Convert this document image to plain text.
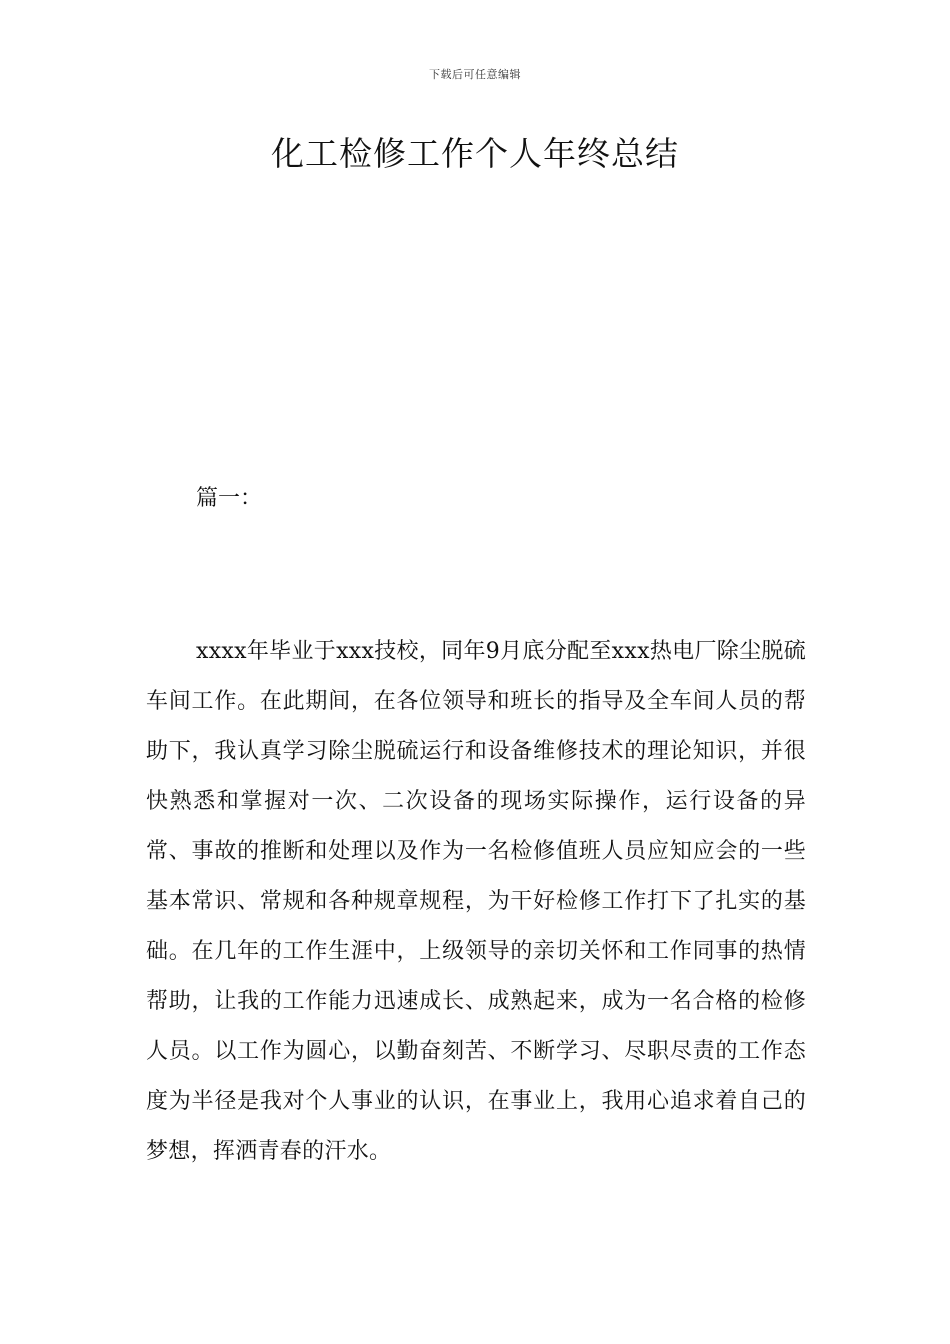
下载后可任意编辑
化工检修工作个人年终总结

篇一：

xxxx年毕业于xxx技校，同年9月底分配至xxx热电厂除尘脱硫车间工作。在此期间，在各位领导和班长的指导及全车间人员的帮助下，我认真学习除尘脱硫运行和设备维修技术的理论知识，并很快熟悉和掌握对一次、二次设备的现场实际操作，运行设备的异常、事故的推断和处理以及作为一名检修值班人员应知应会的一些基本常识、常规和各种规章规程，为干好检修工作打下了扎实的基础。在几年的工作生涯中，上级领导的亲切关怀和工作同事的热情帮助，让我的工作能力迅速成长、成熟起来，成为一名合格的检修人员。以工作为圆心，以勤奋刻苦、不断学习、尽职尽责的工作态度为半径是我对个人事业的认识，在事业上，我用心追求着自己的梦想，挥洒青春的汗水。
